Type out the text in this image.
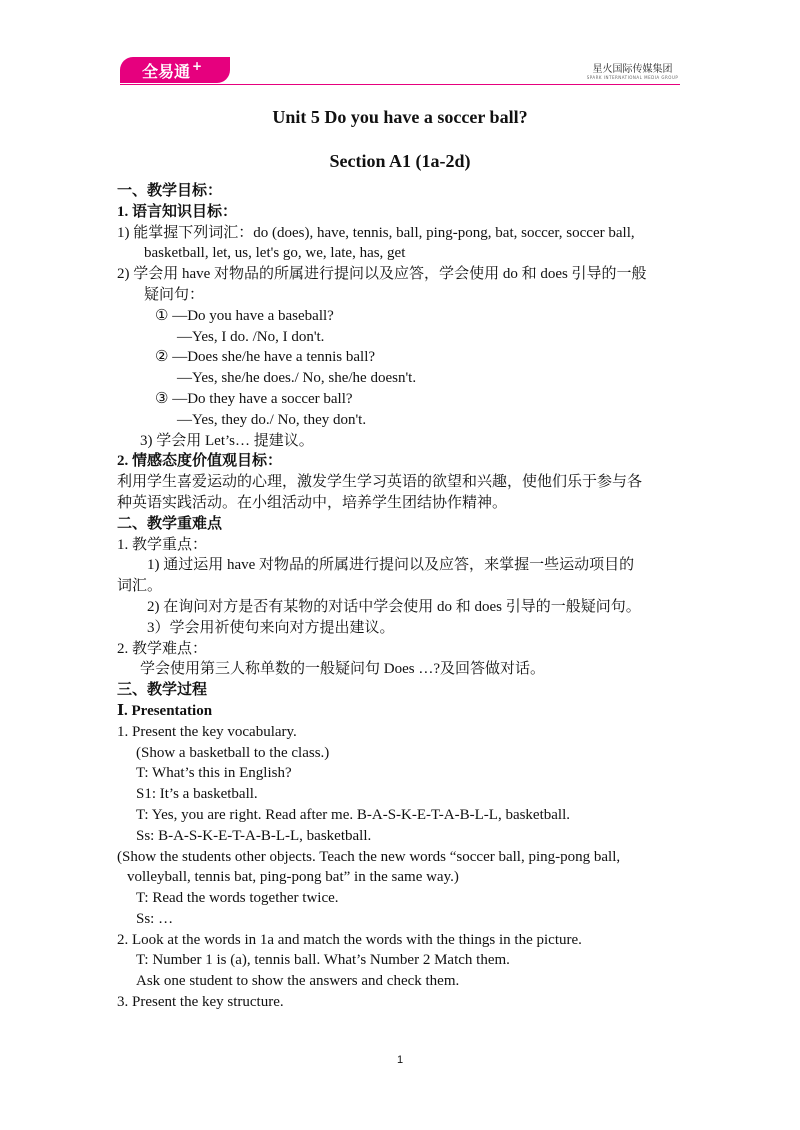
全易通 +	星火国际传媒集团
SPARK INTERNATIONAL MEDIA GROUP
Unit 5 Do you have a soccer ball?
Section A1 (1a-2d)
一、教学目标：
1. 语言知识目标：
1) 能掌握下列词汇：do (does), have, tennis, ball, ping-pong, bat, soccer, soccer ball,
basketball, let, us, let's go, we, late, has, get
2) 学会用 have 对物品的所属进行提问以及应答，学会使用 do 和 does 引导的一般
疑问句：
① —Do you have a baseball?
—Yes, I do. /No, I don't.
② —Does she/he have a tennis ball?
—Yes, she/he does./ No, she/he doesn't.
③ —Do they have a soccer ball?
—Yes, they do./ No, they don't.
3) 学会用 Let’s… 提建议。
2. 情感态度价值观目标：
利用学生喜爱运动的心理，激发学生学习英语的欲望和兴趣，使他们乐于参与各
种英语实践活动。在小组活动中，培养学生团结协作精神。
二、教学重难点
1. 教学重点：
1) 通过运用 have 对物品的所属进行提问以及应答，来掌握一些运动项目的
词汇。
2) 在询问对方是否有某物的对话中学会使用 do 和 does 引导的一般疑问句。
3）学会用祈使句来向对方提出建议。
2. 教学难点：
学会使用第三人称单数的一般疑问句 Does …?及回答做对话。
三、教学过程
Ⅰ. Presentation
1. Present the key vocabulary.
(Show a basketball to the class.)
T: What’s this in English?
S1: It’s a basketball.
T: Yes, you are right. Read after me. B-A-S-K-E-T-A-B-L-L, basketball.
Ss: B-A-S-K-E-T-A-B-L-L, basketball.
(Show the students other objects. Teach the new words “soccer ball, ping-pong ball,
volleyball, tennis bat, ping-pong bat” in the same way.)
T: Read the words together twice.
Ss: …
2. Look at the words in 1a and match the words with the things in the picture.
T: Number 1 is (a), tennis ball. What’s Number 2 Match them.
Ask one student to show the answers and check them.
3. Present the key structure.
1
